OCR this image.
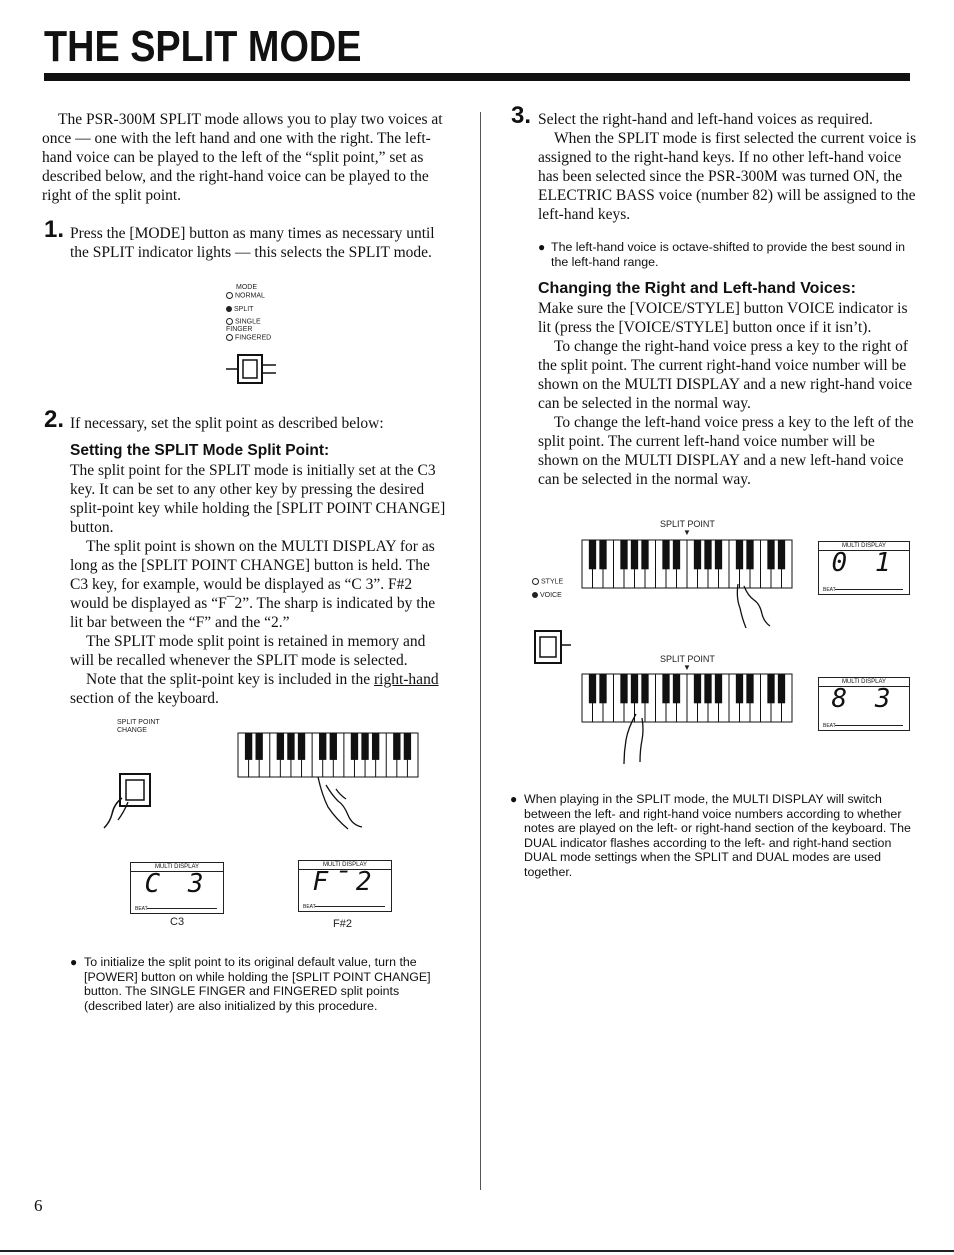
THE SPLIT MODE

The PSR-300M SPLIT mode allows you to play two voices at once — one with the left hand and one with the right. The left-hand voice can be played to the left of the “split point,” set as described below, and the right-hand voice can be played to the right of the split point.

1. Press the [MODE] button as many times as necessary until the SPLIT indicator lights — this selects the SPLIT mode.

MODE
NORMAL
SPLIT
SINGLE FINGER
FINGERED
2. If necessary, set the split point as described below:

Setting the SPLIT Mode Split Point:

The split point for the SPLIT mode is initially set at the C3 key. It can be set to any other key by pressing the desired split-point key while holding the [SPLIT POINT CHANGE] button.

The split point is shown on the MULTI DISPLAY for as long as the [SPLIT POINT CHANGE] button is held. The C3 key, for example, would be displayed as “C 3”. F#2 would be displayed as “F¯2”. The sharp is indicated by the lit bar between the “F” and the “2.”

The SPLIT mode split point is retained in memory and will be recalled whenever the SPLIT mode is selected.

Note that the split-point key is included in the right-hand section of the keyboard.

SPLIT POINT CHANGE
MULTI DISPLAY
C 3
BEAT
MULTI DISPLAY
F¯2
BEAT
C3	F#2
● To initialize the split point to its original default value, turn the [POWER] button on while holding the [SPLIT POINT CHANGE] button. The SINGLE FINGER and FINGERED split points (described later) are also initialized by this procedure.

3. Select the right-hand and left-hand voices as required.

When the SPLIT mode is first selected the current voice is assigned to the right-hand keys. If no other left-hand voice has been selected since the PSR-300M was turned ON, the ELECTRIC BASS voice (number 82) will be assigned to the left-hand keys.

● The left-hand voice is octave-shifted to provide the best sound in the left-hand range.

Changing the Right and Left-hand Voices:

Make sure the [VOICE/STYLE] button VOICE indicator is lit (press the [VOICE/STYLE] button once if it isn’t).

To change the right-hand voice press a key to the right of the split point. The current right-hand voice number will be shown on the MULTI DISPLAY and a new right-hand voice can be selected in the normal way.

To change the left-hand voice press a key to the left of the split point. The current left-hand voice number will be shown on the MULTI DISPLAY and a new left-hand voice can be selected in the normal way.

SPLIT POINT
▼
STYLE
VOICE
MULTI DISPLAY
0 1
BEAT
SPLIT POINT
▼
MULTI DISPLAY
8 3
BEAT
● When playing in the SPLIT mode, the MULTI DISPLAY will switch between the left- and right-hand voice numbers according to whether notes are played on the left- or right-hand section of the keyboard. The DUAL indicator flashes according to the left- and right-hand section DUAL mode settings when the SPLIT and DUAL modes are used together.

6
